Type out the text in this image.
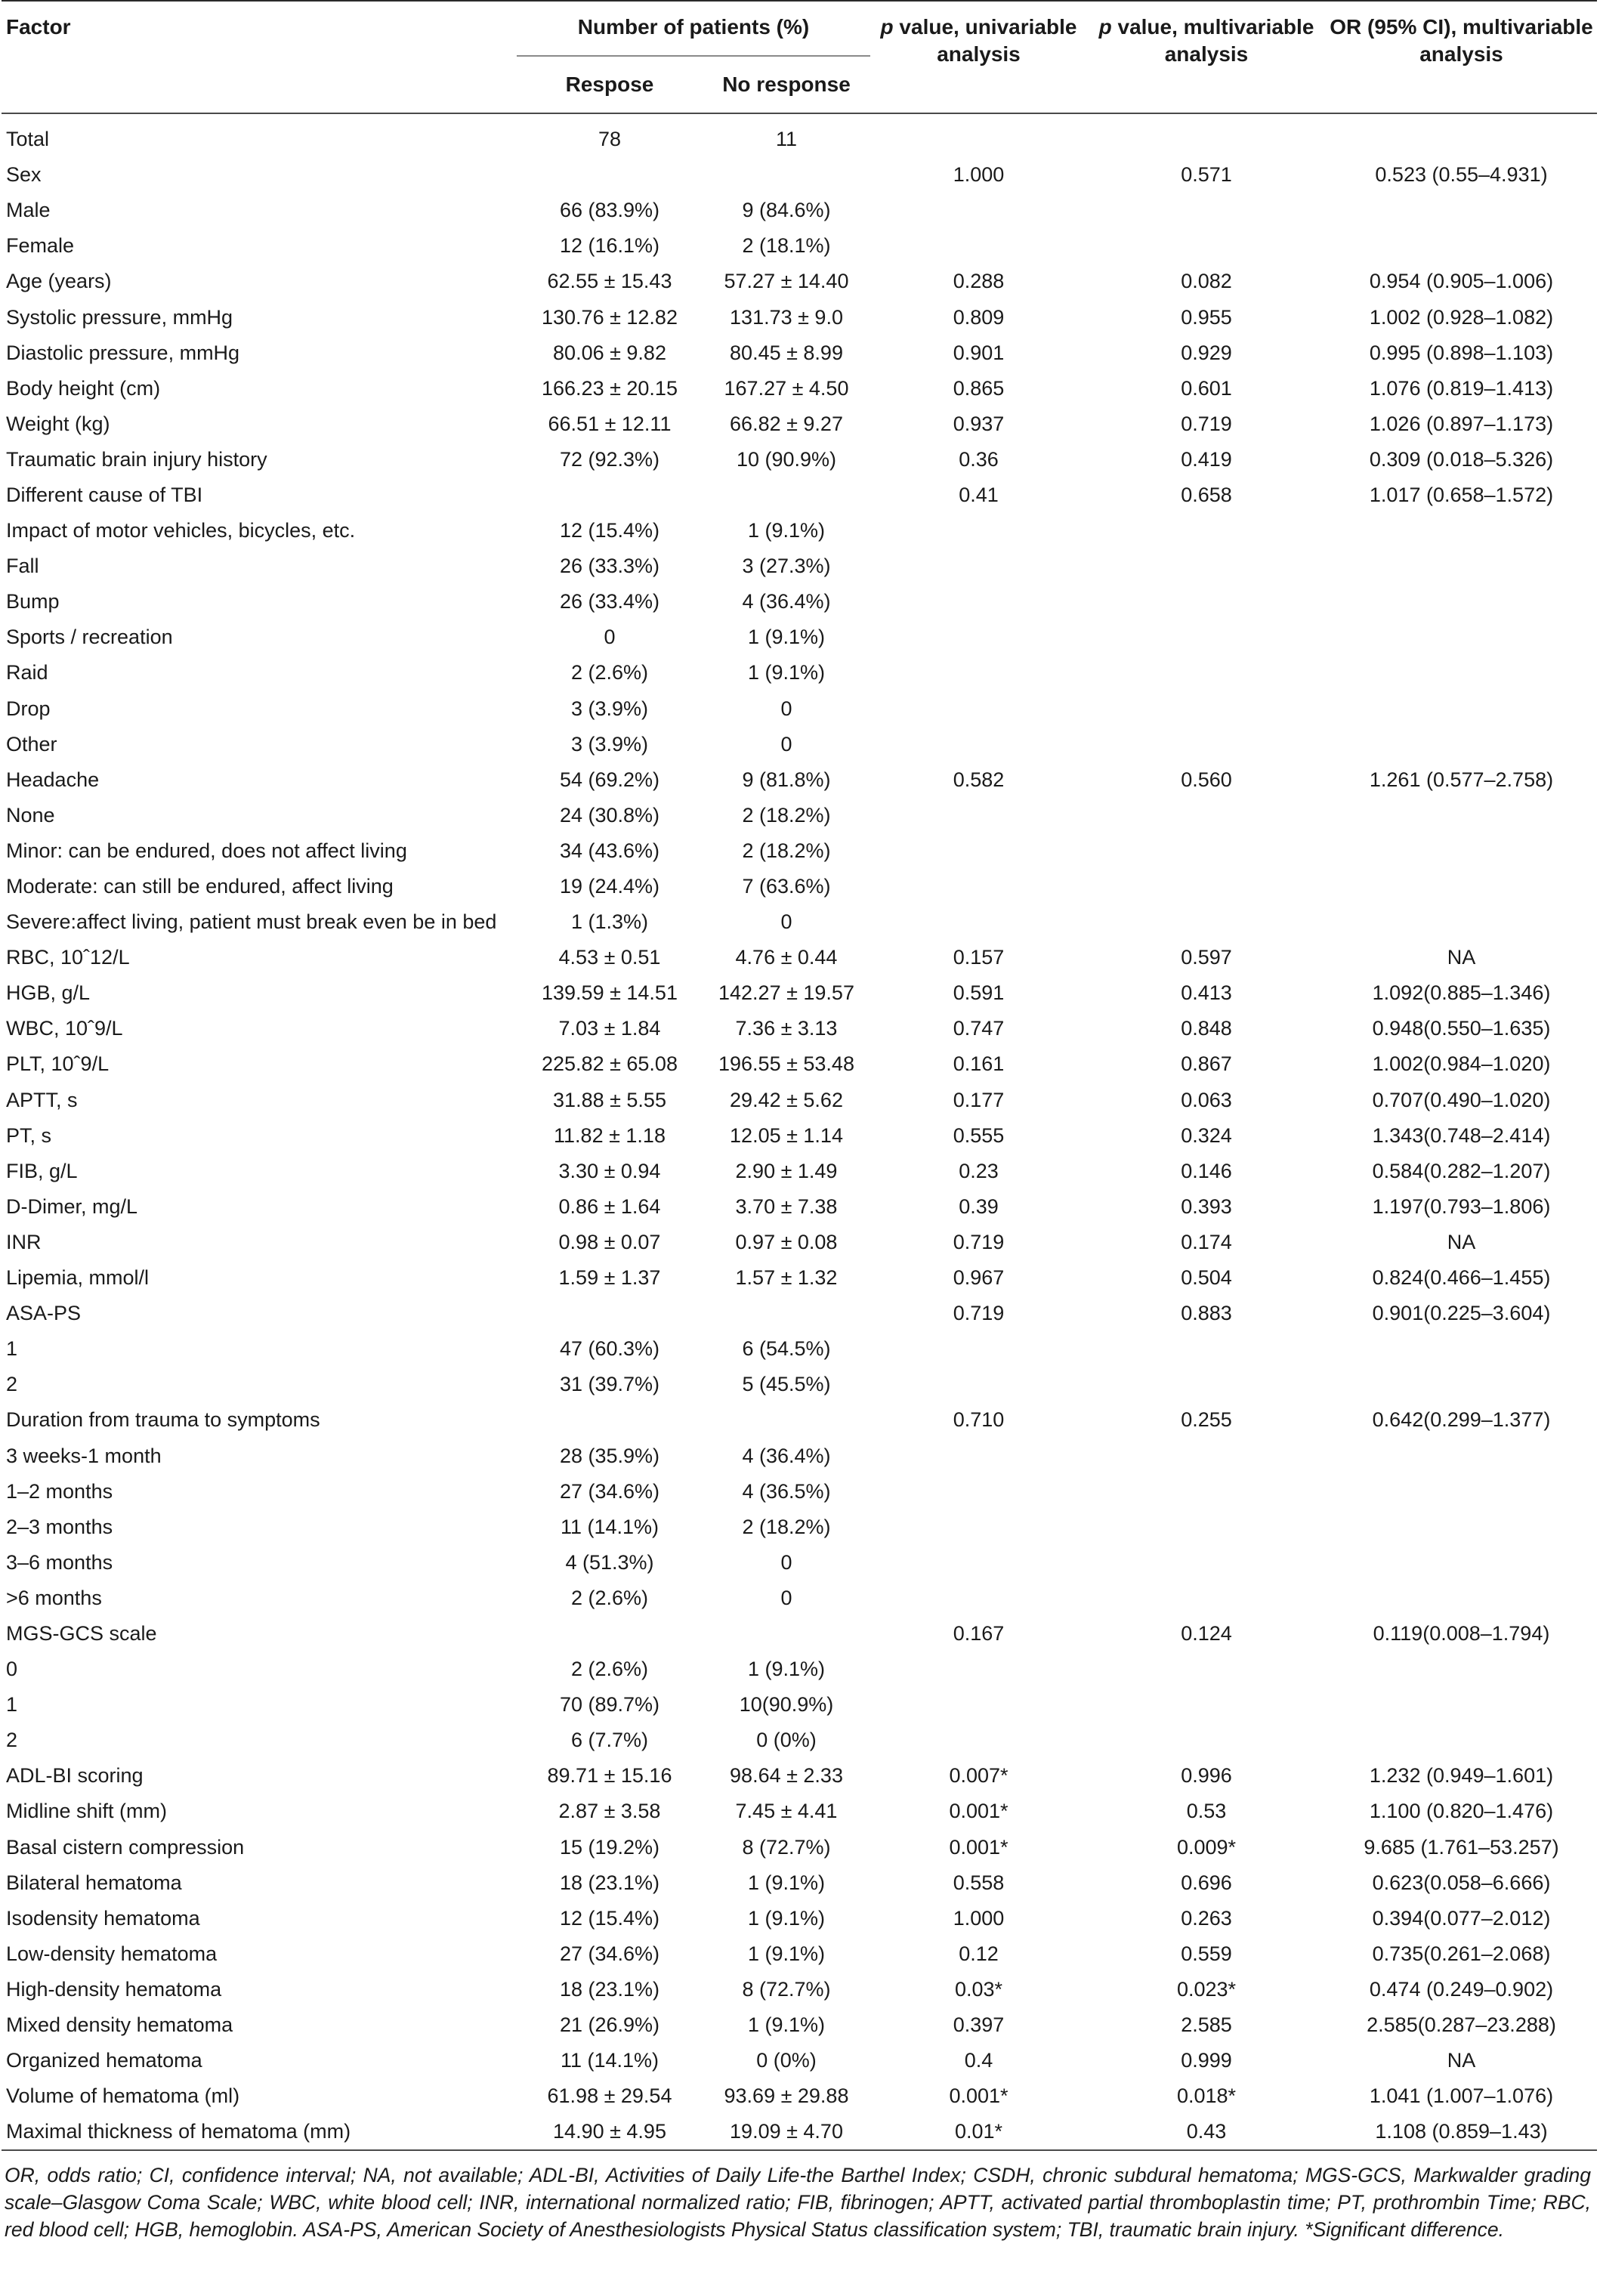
Factor	Number of patients (%)		p value, univariable analysis	p value, multivariable analysis	OR (95% CI), multivariable analysis
	Respose	No response			
Total	78	11			
Sex			1.000	0.571	0.523 (0.55–4.931)
Male	66 (83.9%)	9 (84.6%)			
Female	12 (16.1%)	2 (18.1%)			
Age (years)	62.55 ± 15.43	57.27 ± 14.40	0.288	0.082	0.954 (0.905–1.006)
Systolic pressure, mmHg	130.76 ± 12.82	131.73 ± 9.0	0.809	0.955	1.002 (0.928–1.082)
Diastolic pressure, mmHg	80.06 ± 9.82	80.45 ± 8.99	0.901	0.929	0.995 (0.898–1.103)
Body height (cm)	166.23 ± 20.15	167.27 ± 4.50	0.865	0.601	1.076 (0.819–1.413)
Weight (kg)	66.51 ± 12.11	66.82 ± 9.27	0.937	0.719	1.026 (0.897–1.173)
Traumatic brain injury history	72 (92.3%)	10 (90.9%)	0.36	0.419	0.309 (0.018–5.326)
Different cause of TBI			0.41	0.658	1.017 (0.658–1.572)
Impact of motor vehicles, bicycles, etc.	12 (15.4%)	1 (9.1%)			
Fall	26 (33.3%)	3 (27.3%)			
Bump	26 (33.4%)	4 (36.4%)			
Sports / recreation	0	1 (9.1%)			
Raid	2 (2.6%)	1 (9.1%)			
Drop	3 (3.9%)	0			
Other	3 (3.9%)	0			
Headache	54 (69.2%)	9 (81.8%)	0.582	0.560	1.261 (0.577–2.758)
None	24 (30.8%)	2 (18.2%)			
Minor: can be endured, does not affect living	34 (43.6%)	2 (18.2%)			
Moderate: can still be endured, affect living	19 (24.4%)	7 (63.6%)			
Severe:affect living, patient must break even be in bed	1 (1.3%)	0			
RBC, 10ˆ12/L	4.53 ± 0.51	4.76 ± 0.44	0.157	0.597	NA
HGB, g/L	139.59 ± 14.51	142.27 ± 19.57	0.591	0.413	1.092(0.885–1.346)
WBC, 10ˆ9/L	7.03 ± 1.84	7.36 ± 3.13	0.747	0.848	0.948(0.550–1.635)
PLT, 10ˆ9/L	225.82 ± 65.08	196.55 ± 53.48	0.161	0.867	1.002(0.984–1.020)
APTT, s	31.88 ± 5.55	29.42 ± 5.62	0.177	0.063	0.707(0.490–1.020)
PT, s	11.82 ± 1.18	12.05 ± 1.14	0.555	0.324	1.343(0.748–2.414)
FIB, g/L	3.30 ± 0.94	2.90 ± 1.49	0.23	0.146	0.584(0.282–1.207)
D-Dimer, mg/L	0.86 ± 1.64	3.70 ± 7.38	0.39	0.393	1.197(0.793–1.806)
INR	0.98 ± 0.07	0.97 ± 0.08	0.719	0.174	NA
Lipemia, mmol/l	1.59 ± 1.37	1.57 ± 1.32	0.967	0.504	0.824(0.466–1.455)
ASA-PS			0.719	0.883	0.901(0.225–3.604)
1	47 (60.3%)	6 (54.5%)			
2	31 (39.7%)	5 (45.5%)			
Duration from trauma to symptoms			0.710	0.255	0.642(0.299–1.377)
3 weeks-1 month	28 (35.9%)	4 (36.4%)			
1–2 months	27 (34.6%)	4 (36.5%)			
2–3 months	11 (14.1%)	2 (18.2%)			
3–6 months	4 (51.3%)	0			
>6 months	2 (2.6%)	0			
MGS-GCS scale			0.167	0.124	0.119(0.008–1.794)
0	2 (2.6%)	1 (9.1%)			
1	70 (89.7%)	10(90.9%)			
2	6 (7.7%)	0 (0%)			
ADL-BI scoring	89.71 ± 15.16	98.64 ± 2.33	0.007*	0.996	1.232 (0.949–1.601)
Midline shift (mm)	2.87 ± 3.58	7.45 ± 4.41	0.001*	0.53	1.100 (0.820–1.476)
Basal cistern compression	15 (19.2%)	8 (72.7%)	0.001*	0.009*	9.685 (1.761–53.257)
Bilateral hematoma	18 (23.1%)	1 (9.1%)	0.558	0.696	0.623(0.058–6.666)
Isodensity hematoma	12 (15.4%)	1 (9.1%)	1.000	0.263	0.394(0.077–2.012)
Low-density hematoma	27 (34.6%)	1 (9.1%)	0.12	0.559	0.735(0.261–2.068)
High-density hematoma	18 (23.1%)	8 (72.7%)	0.03*	0.023*	0.474 (0.249–0.902)
Mixed density hematoma	21 (26.9%)	1 (9.1%)	0.397	2.585	2.585(0.287–23.288)
Organized hematoma	11 (14.1%)	0 (0%)	0.4	0.999	NA
Volume of hematoma (ml)	61.98 ± 29.54	93.69 ± 29.88	0.001*	0.018*	1.041 (1.007–1.076)
Maximal thickness of hematoma (mm)	14.90 ± 4.95	19.09 ± 4.70	0.01*	0.43	1.108 (0.859–1.43)
OR, odds ratio; CI, confidence interval; NA, not available; ADL-BI, Activities of Daily Life-the Barthel Index; CSDH, chronic subdural hematoma; MGS-GCS, Markwalder grading scale–Glasgow Coma Scale; WBC, white blood cell; INR, international normalized ratio; FIB, fibrinogen; APTT, activated partial thromboplastin time; PT, prothrombin Time; RBC, red blood cell; HGB, hemoglobin. ASA-PS, American Society of Anesthesiologists Physical Status classification system; TBI, traumatic brain injury. *Significant difference.
